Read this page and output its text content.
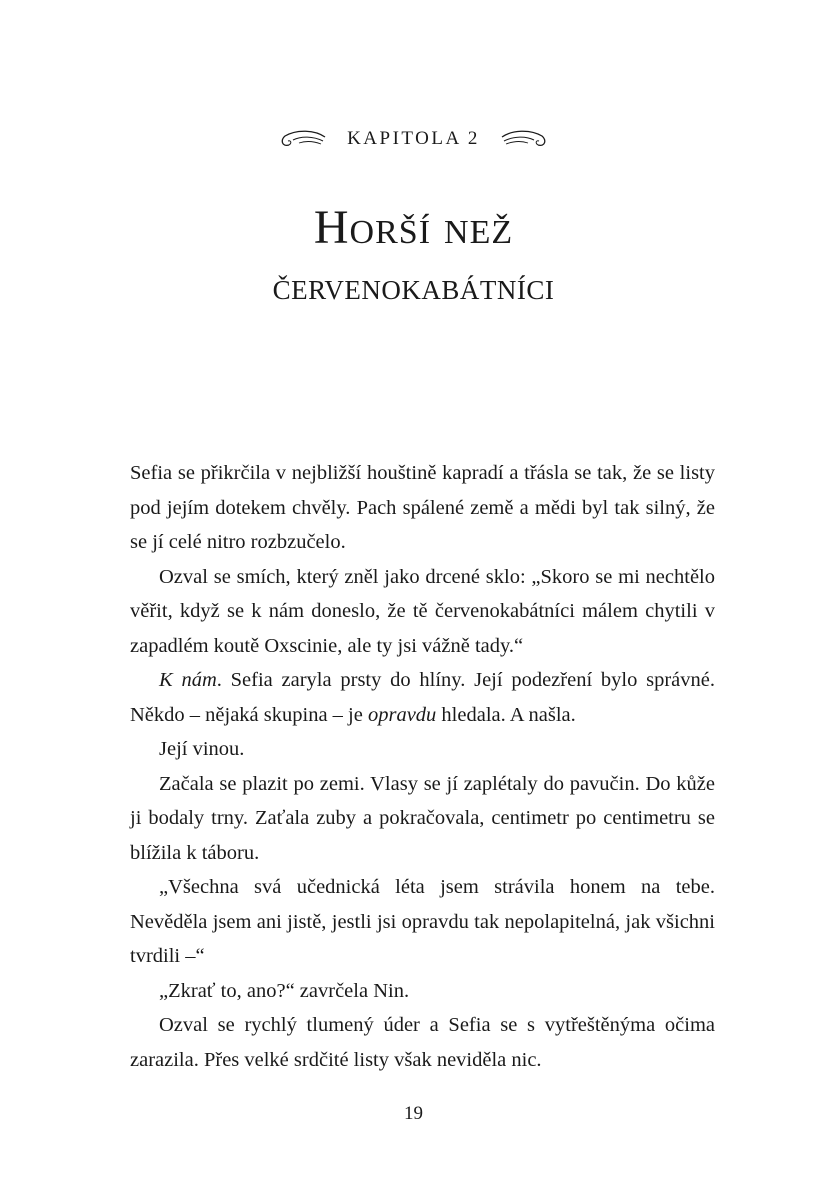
KAPITOLA 2
Horší než
červenokabátníci

Sefia se přikrčila v nejbližší houštině kapradí a třásla se tak, že se listy pod jejím dotekem chvěly. Pach spálené země a mědi byl tak silný, že se jí celé nitro rozbzučelo.

Ozval se smích, který zněl jako drcené sklo: „Skoro se mi nechtělo věřit, když se k nám doneslo, že tě červenokabátníci málem chytili v zapadlém koutě Oxscinie, ale ty jsi vážně tady.“

K nám. Sefia zaryla prsty do hlíny. Její podezření bylo správné. Někdo – nějaká skupina – je opravdu hledala. A našla.

Její vinou.

Začala se plazit po zemi. Vlasy se jí zaplétaly do pavučin. Do kůže ji bodaly trny. Zaťala zuby a pokračovala, centimetr po centimetru se blížila k táboru.

„Všechna svá učednická léta jsem strávila honem na tebe. Nevěděla jsem ani jistě, jestli jsi opravdu tak nepolapitelná, jak všichni tvrdili –“

„Zkrať to, ano?“ zavrčela Nin.

Ozval se rychlý tlumený úder a Sefia se s vytřeštěnýma očima zarazila. Přes velké srdčité listy však neviděla nic.

19
